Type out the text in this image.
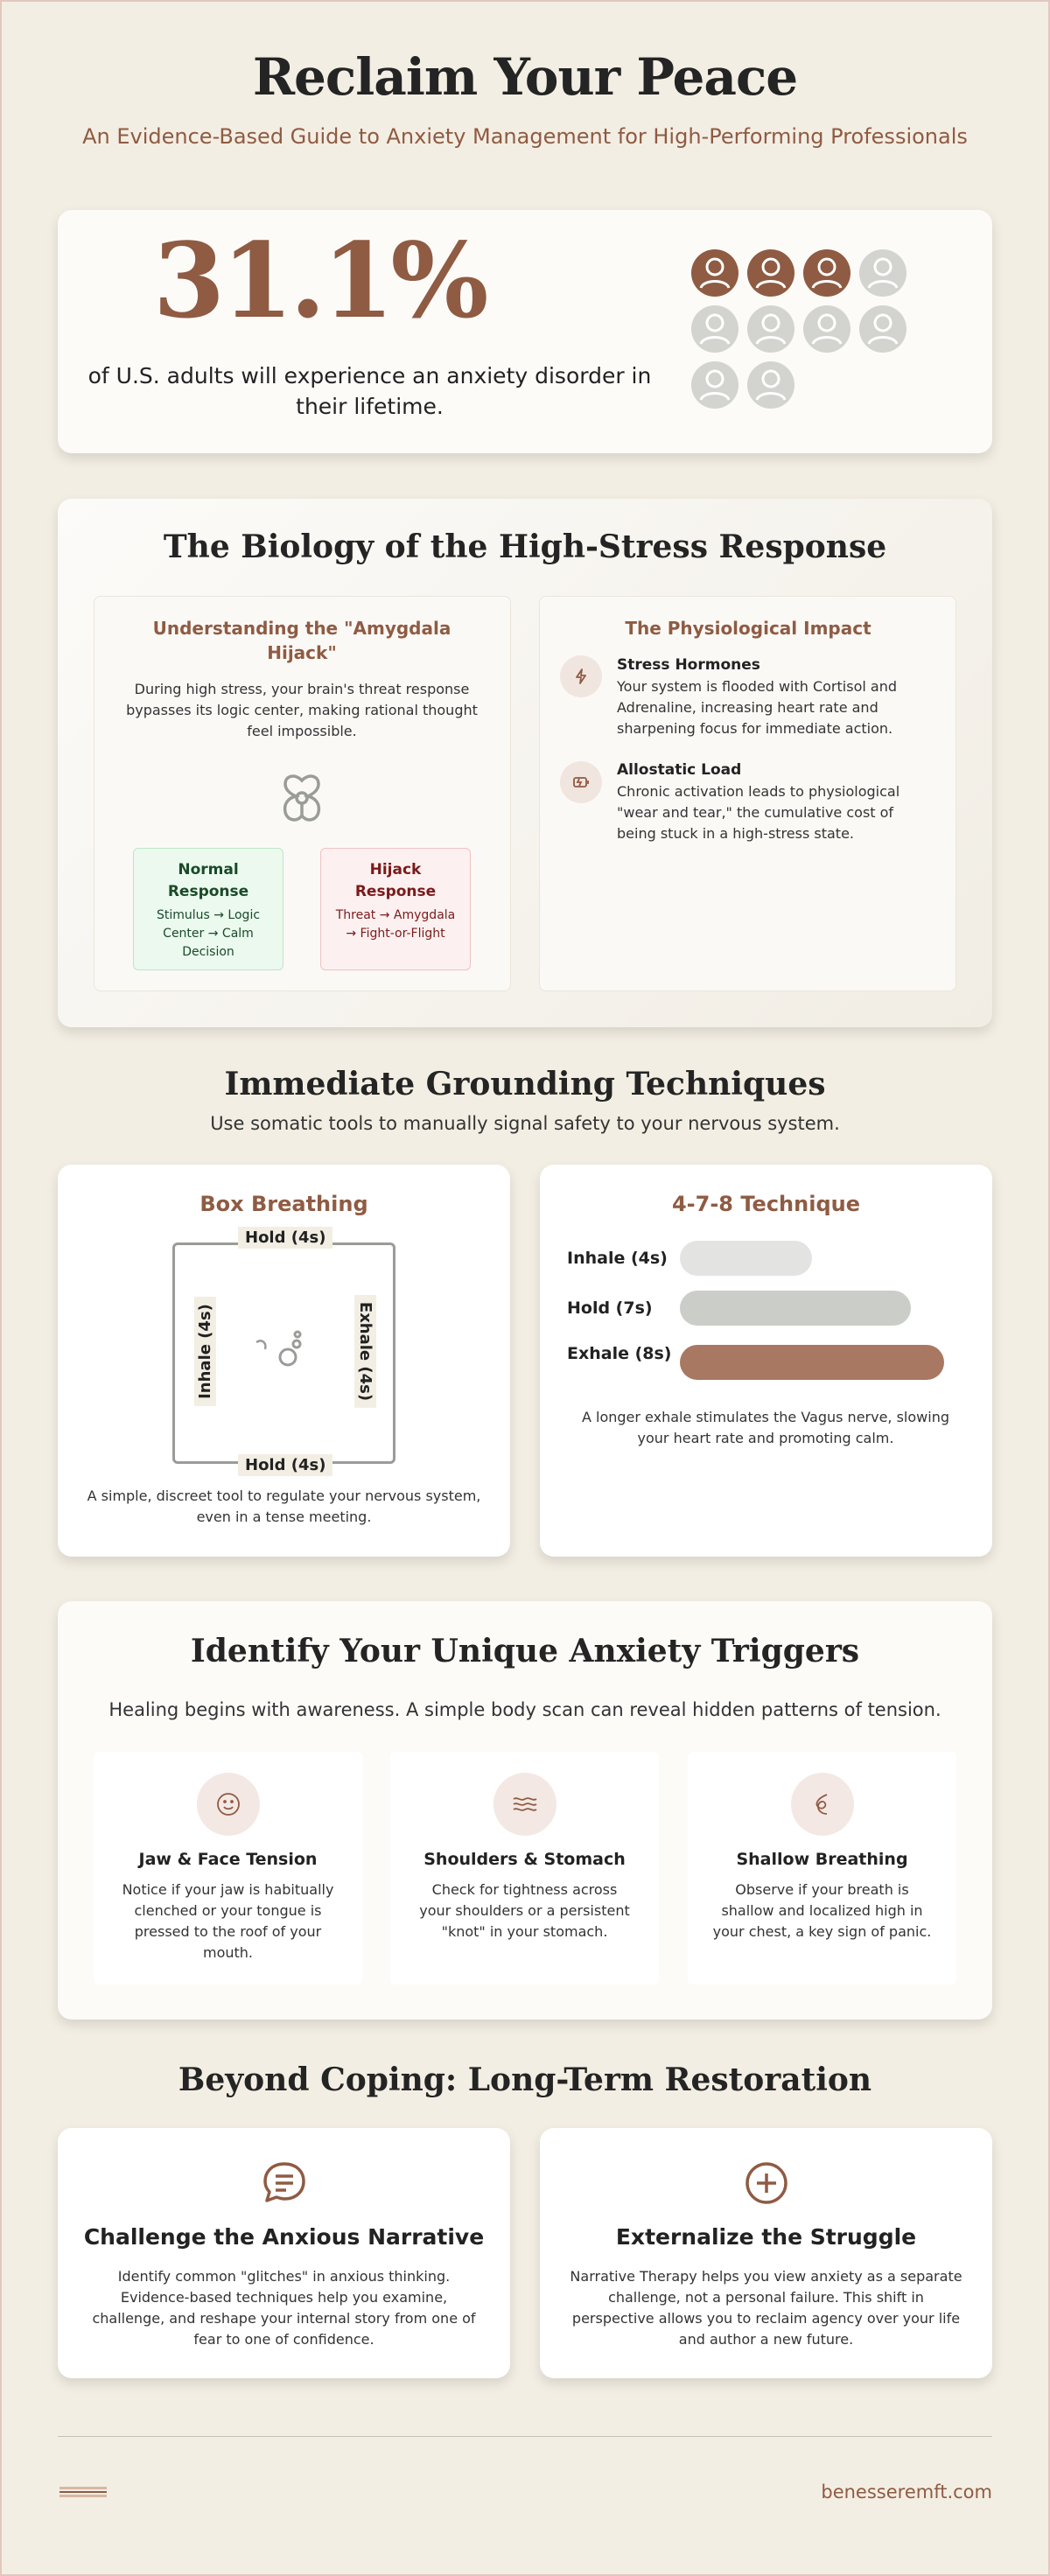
Reclaim Your Peace
An Evidence-Based Guide to Anxiety Management for High-Performing Professionals
31.1%
of U.S. adults will experience an anxiety disorder in their lifetime.
The Biology of the High-Stress Response
Understanding the "Amygdala Hijack"
During high stress, your brain's threat response bypasses its logic center, making rational thought feel impossible.
Normal Response
Stimulus → Logic Center → Calm Decision
Hijack Response
Threat → Amygdala → Fight-or-Flight
The Physiological Impact
Stress Hormones
Your system is flooded with Cortisol and Adrenaline, increasing heart rate and sharpening focus for immediate action.
Allostatic Load
Chronic activation leads to physiological "wear and tear," the cumulative cost of being stuck in a high-stress state.
Immediate Grounding Techniques
Use somatic tools to manually signal safety to your nervous system.
Box Breathing
Hold (4s)
Hold (4s)
Inhale (4s)	Exhale (4s)
A simple, discreet tool to regulate your nervous system, even in a tense meeting.
4-7-8 Technique
Inhale (4s)
Hold (7s)
Exhale (8s)
A longer exhale stimulates the Vagus nerve, slowing your heart rate and promoting calm.
Identify Your Unique Anxiety Triggers
Healing begins with awareness. A simple body scan can reveal hidden patterns of tension.
Jaw & Face Tension
Notice if your jaw is habitually clenched or your tongue is pressed to the roof of your mouth.
Shoulders & Stomach
Check for tightness across your shoulders or a persistent "knot" in your stomach.
Shallow Breathing
Observe if your breath is shallow and localized high in your chest, a key sign of panic.
Beyond Coping: Long-Term Restoration
Challenge the Anxious Narrative
Identify common "glitches" in anxious thinking. Evidence-based techniques help you examine, challenge, and reshape your internal story from one of fear to one of confidence.
Externalize the Struggle
Narrative Therapy helps you view anxiety as a separate challenge, not a personal failure. This shift in perspective allows you to reclaim agency over your life and author a new future.
benesseremft.com
